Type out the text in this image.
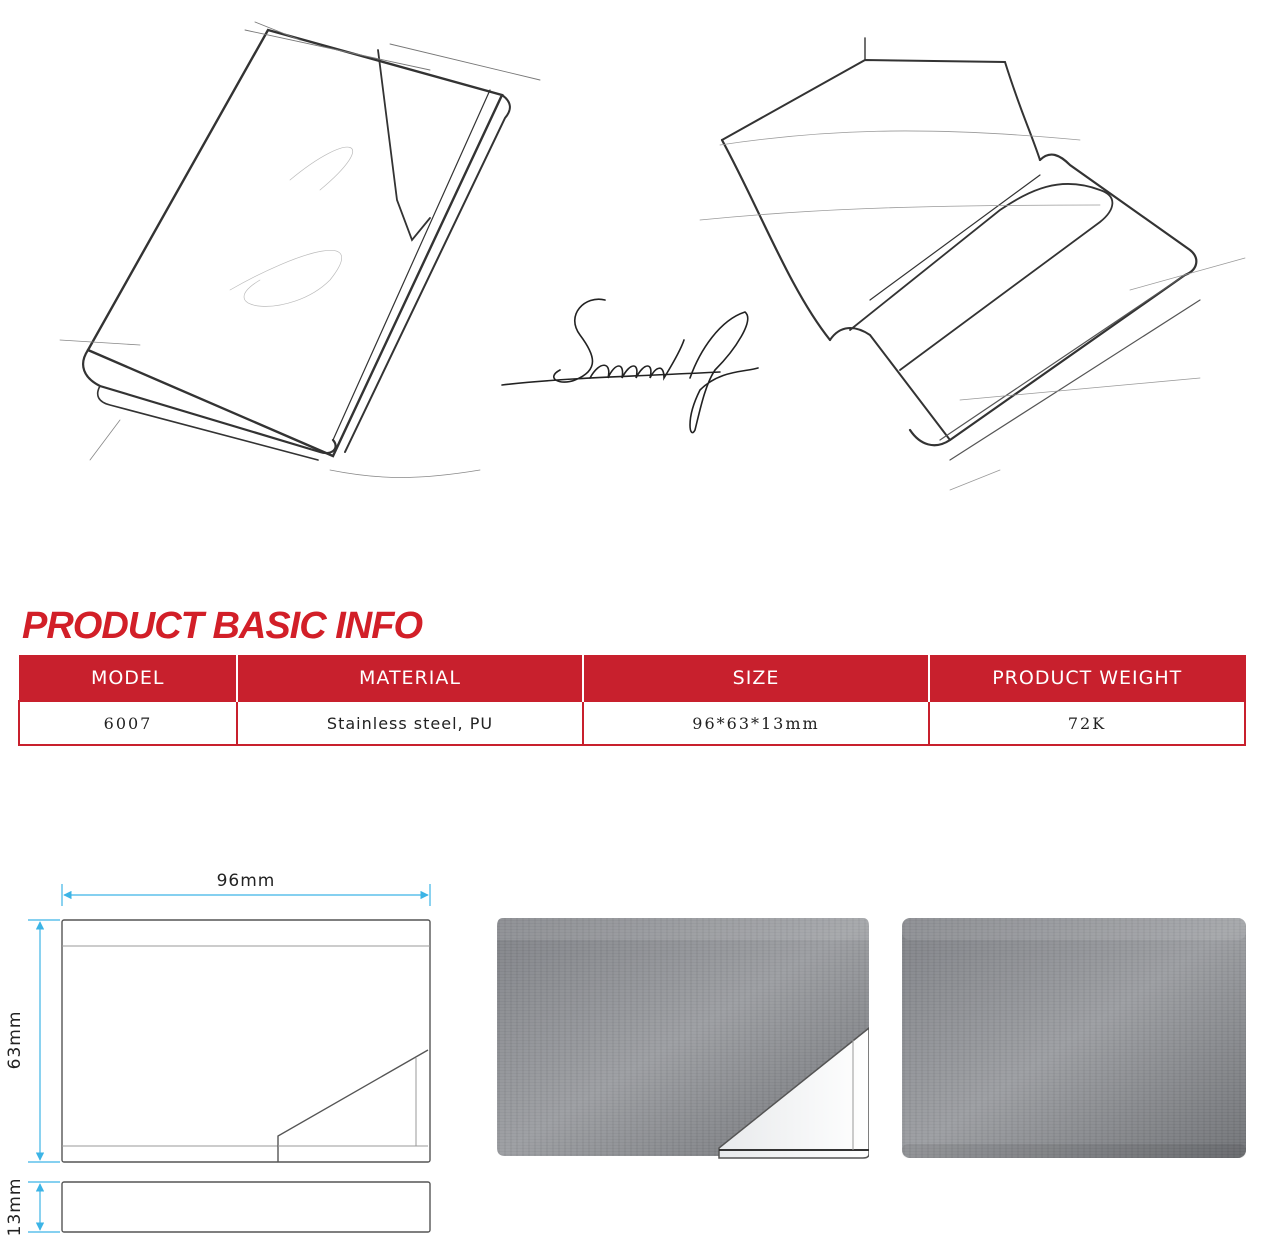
PRODUCT BASIC INFO
MODEL	MATERIAL	SIZE	PRODUCT WEIGHT
6007	Stainless steel, PU	96*63*13mm	72K
96mm
63mm
13mm
